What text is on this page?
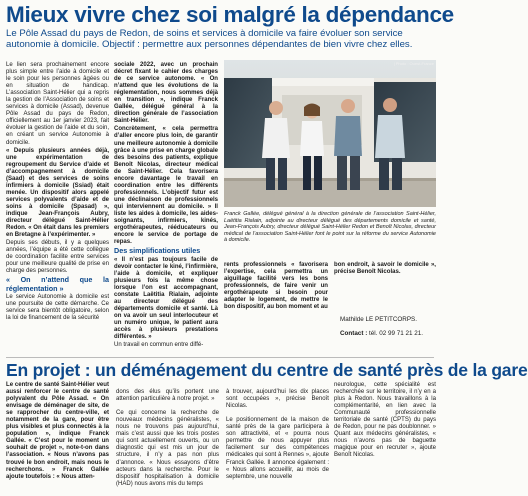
Mieux vivre chez soi malgré la dépendance
Le Pôle Assad du pays de Redon, de soins et services à domicile va faire évoluer son service autonomie à domicile. Objectif : permettre aux personnes dépendantes de bien vivre chez elles.

Le lien sera prochainement encore plus simple entre l’aide à domicile et le soin pour les personnes âgées ou en situation de handicap. L’association Saint-Hélier qui a repris la gestion de l’Association de soins et services à domicile (Assad), devenue Pôle Assad du pays de Redon, officiellement au 1er janvier 2023, fait évoluer la gestion de l’aide et du soin, en créant un service Autonomie à domicile.

« Depuis plusieurs années déjà, une expérimentation de regroupement du Service d’aide et d’accompagnement à domicile (Saad) et des services de soins infirmiers à domicile (Ssiad) était menée. Un dispositif alors appelé services polyvalents d’aide et de soins à domicile (Spasad) », indique Jean-François Aubry, directeur délégué Saint-Hélier Redon. « On était dans les premiers en Bretagne à l’expérimenter. »

Depuis ses débuts, il y a quelques années, l’équipe a été cette collègue de coordination facilite entre services pour une meilleure qualité de prise en charge des personnes.

« On n’attend que la réglementation »

Le service Autonomie à domicile est une poursuite de cette démarche. Ce service sera bientôt obligatoire, selon la loi de financement de la sécurité

sociale 2022, avec un prochain décret fixant le cahier des charges de ce service autonome. « On n’attend que les évolutions de la réglementation, nous sommes déjà en transition », indique Franck Gallée, délégué général à la direction générale de l’association Saint-Hélier.

Concrètement, « cela permettra d’aller encore plus loin, de garantir une meilleure autonomie à domicile grâce à une prise en charge globale des besoins des patients, explique Benoît Nicolas, directeur médical de Saint-Hélier. Cela favorisera encore davantage le travail en coordination entre les différents professionnels. L’objectif futur est une déclinaison de professionnels qui interviennent au domicile. » Il liste les aides à domicile, les aides-soignants, infirmiers, kinés, ergothérapeutes, rééducateurs ou encore le service de portage de repas.

Des simplifications utiles

« Il n’est pas toujours facile de devoir contacter le kiné, l’infirmière, l’aide à domicile, et expliquer plusieurs fois la même chose lorsque l’on est accompagnant, constate Laëtitia Rialain, adjointe au directeur délégué des départements domicile et santé. Là on va avoir un seul interlocuteur et un numéro unique, le patient aura accès à plusieurs prestations différentes. »

Un travail en commun entre diffé-

| Photo : Ouest-France
Franck Gallée, délégué général à la direction générale de l’association Saint-Hélier, Laëtitia Rialain, adjointe au directeur délégué des départements domicile et santé, Jean-François Aubry, directeur délégué Saint-Hélier Redon et Benoît Nicolas, directeur médical de l’association Saint-Hélier font le point sur la réforme du service Autonomie à domicile.

rents professionnels « favorisera l’expertise, cela permettra un aiguillage facilité vers les bons professionnels, de faire venir un ergothérapeute si besoin pour adapter le logement, de mettre le bon dispositif, au bon moment et au

bon endroit, à savoir le domicile », précise Benoît Nicolas.

Mathilde LE PETITCORPS.
Contact : tél. 02 99 71 21 21.
En projet : un déménagement du centre de santé près de la gare

Le centre de santé Saint-Hélier veut aussi renforcer le centre de santé polyvalent du Pôle Assad. « On envisage de déménager de site, de se rapprocher du centre-ville, et notamment de la gare, pour être plus visibles et plus connectés à la population », indique Franck Gallée. « C’est pour le moment un souhait de projet », note-t-on dans l’association. « Nous n’avons pas trouvé le bon endroit, mais nous le recherchons. » Franck Gallée ajoute toutefois : « Nous atten-

dons des élus qu’ils portent une attention particulière à notre projet. »

Ce qui concerne la recherche de nouveaux médecins généralistes, « nous ne trouvons pas aujourd’hui, mais c’est aussi que les trois postes qui sont actuellement ouverts, ou un diagnostic qui est mis un jour de structure, il n’y a pas non plus d’annonce. « Nous essayons d’être acteurs dans la recherche. Pour le dispositif hospitalisation à domicile (HAD) nous avons mis du temps

à trouver, aujourd’hui les dix places sont occupées », précise Benoît Nicolas.

Le positionnement de la maison de santé près de la gare participera à son attractivité, et « pourra nous permettre de nous appuyer plus facilement sur des compétences médicales qui sont à Rennes », ajoute Franck Gallée. Il annonce également : « Nous allons accueillir, au mois de septembre, une nouvelle

neurologue, cette spécialité est recherchée sur le territoire, il n’y en a plus à Redon. Nous travaillons à la complémentarité, en lien avec la Communauté professionnelle territoriale de santé (CPTS) du pays de Redon, pour ne pas doublonner. » Quant aux médecins généralistes, « nous n’avons pas de baguette magique pour en recruter », ajoute Benoît Nicolas.
